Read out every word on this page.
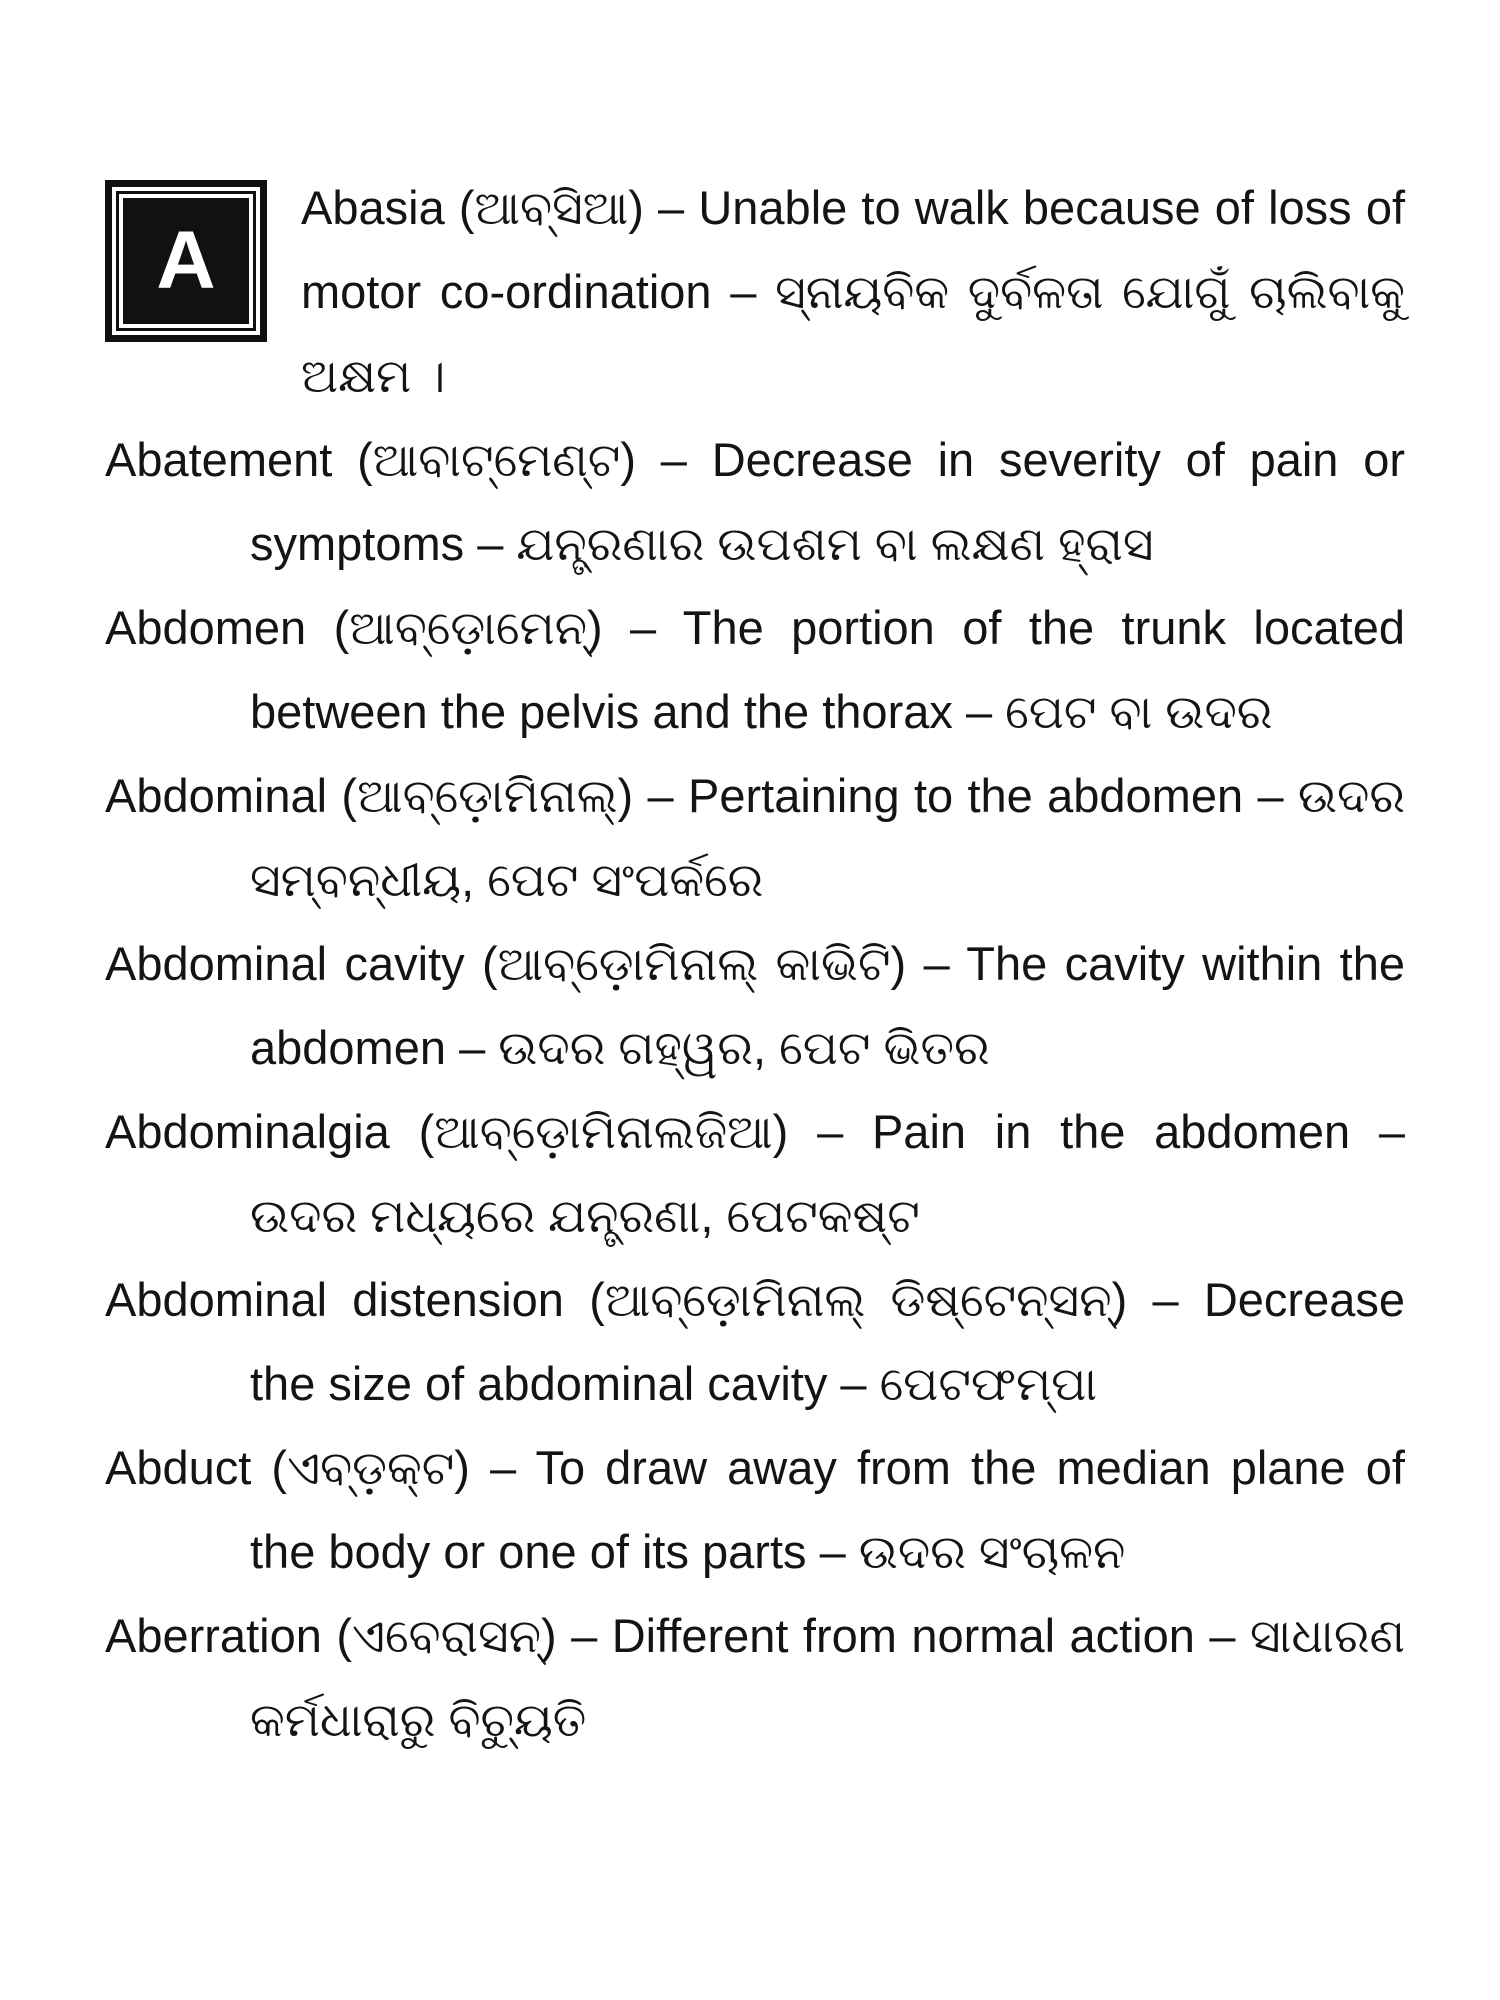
A
Abasia (ଆବ୍‌ସିଆ) – Unable to walk because of loss of motor co-ordination – ସ୍ନାୟବିକ ଦୁର୍ବଳତା ଯୋଗୁଁ ଚାଲିବାକୁ ଅକ୍ଷମ ।
Abatement (ଆବାଟ୍‌ମେଣ୍ଟ) – Decrease in severity of pain or symptoms – ଯନ୍ତ୍ରଣାର ଉପଶମ ବା ଲକ୍ଷଣ ହ୍ରାସ
Abdomen (ଆବ୍‌ଡ଼ୋମେନ୍‌) – The portion of the trunk located between the pelvis and the thorax – ପେଟ ବା ଉଦର
Abdominal (ଆବ୍‌ଡ଼ୋମିନାଲ୍‌) – Pertaining to the abdomen – ଉଦର ସମ୍ବନ୍ଧୀୟ, ପେଟ ସଂପର୍କରେ
Abdominal cavity (ଆବ୍‌ଡ଼ୋମିନାଲ୍‌ କାଭିଟି) – The cavity within the abdomen – ଉଦର ଗହ୍ୱର, ପେଟ ଭିତର
Abdominalgia (ଆବ୍‌ଡ଼ୋମିନାଲଜିଆ) – Pain in the abdomen – ଉଦର ମଧ୍ୟରେ ଯନ୍ତ୍ରଣା, ପେଟକଷ୍ଟ
Abdominal distension (ଆବ୍‌ଡ଼ୋମିନାଲ୍‌ ଡିଷ୍ଟେନ୍‌ସନ୍‌) – Decrease the size of abdominal cavity – ପେଟଫମ୍ପା
Abduct (ଏବ୍‌ଡ଼କ୍ଟ) – To draw away from the median plane of the body or one of its parts – ଉଦର ସଂଚାଳନ
Aberration (ଏବେରାସନ୍‌) – Different from normal action – ସାଧାରଣ କର୍ମଧାରାରୁ ବିଚ୍ୟୁତି
